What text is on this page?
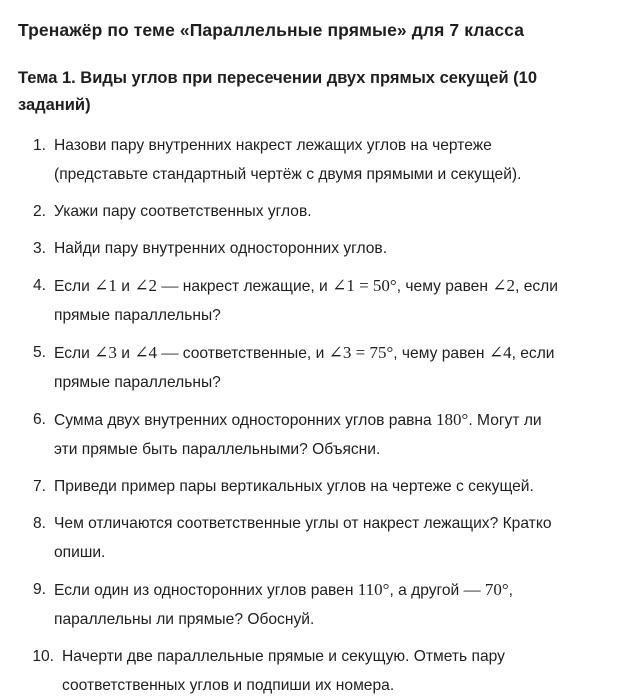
Тренажёр по теме «Параллельные прямые» для 7 класса
Тема 1. Виды углов при пересечении двух прямых секущей (10
заданий)
1. Назови пару внутренних накрест лежащих углов на чертеже
(представьте стандартный чертёж с двумя прямыми и секущей).
2. Укажи пару соответственных углов.
3. Найди пару внутренних односторонних углов.
4. Если ∠1 и ∠2 — накрест лежащие, и ∠1 = 50°, чему равен ∠2, если
прямые параллельны?
5. Если ∠3 и ∠4 — соответственные, и ∠3 = 75°, чему равен ∠4, если
прямые параллельны?
6. Сумма двух внутренних односторонних углов равна 180°. Могут ли
эти прямые быть параллельными? Объясни.
7. Приведи пример пары вертикальных углов на чертеже с секущей.
8. Чем отличаются соответственные углы от накрест лежащих? Кратко
опиши.
9. Если один из односторонних углов равен 110°, а другой — 70°,
параллельны ли прямые? Обоснуй.
10. Начерти две параллельные прямые и секущую. Отметь пару
соответственных углов и подпиши их номера.
